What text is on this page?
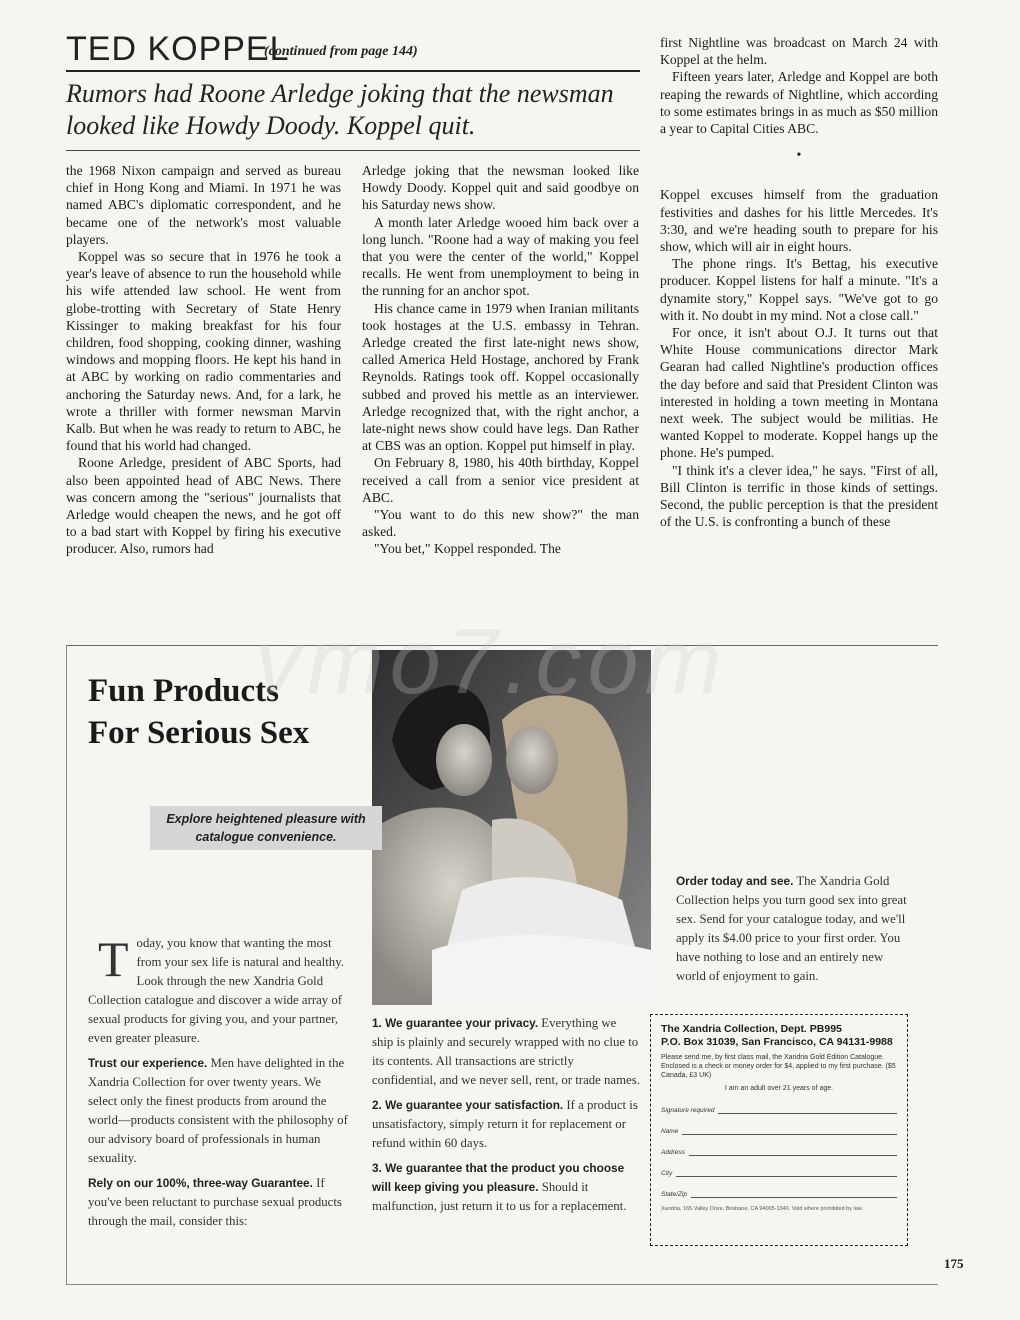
TED KOPPEL
(continued from page 144)
Rumors had Roone Arledge joking that the newsman looked like Howdy Doody. Koppel quit.

the 1968 Nixon campaign and served as bureau chief in Hong Kong and Miami. In 1971 he was named ABC's diplomatic correspondent, and he became one of the network's most valuable players.

Koppel was so secure that in 1976 he took a year's leave of absence to run the household while his wife attended law school. He went from globe-trotting with Secretary of State Henry Kissinger to making breakfast for his four children, food shopping, cooking dinner, washing windows and mopping floors. He kept his hand in at ABC by working on radio commentaries and anchoring the Saturday news. And, for a lark, he wrote a thriller with former newsman Marvin Kalb. But when he was ready to return to ABC, he found that his world had changed.

Roone Arledge, president of ABC Sports, had also been appointed head of ABC News. There was concern among the "serious" journalists that Arledge would cheapen the news, and he got off to a bad start with Koppel by firing his executive producer. Also, rumors had

Arledge joking that the newsman looked like Howdy Doody. Koppel quit and said goodbye on his Saturday news show.

A month later Arledge wooed him back over a long lunch. "Roone had a way of making you feel that you were the center of the world," Koppel recalls. He went from unemployment to being in the running for an anchor spot.

His chance came in 1979 when Iranian militants took hostages at the U.S. embassy in Tehran. Arledge created the first late-night news show, called America Held Hostage, anchored by Frank Reynolds. Ratings took off. Koppel occasionally subbed and proved his mettle as an interviewer. Arledge recognized that, with the right anchor, a late-night news show could have legs. Dan Rather at CBS was an option. Koppel put himself in play.

On February 8, 1980, his 40th birthday, Koppel received a call from a senior vice president at ABC.

"You want to do this new show?" the man asked.

"You bet," Koppel responded. The

first Nightline was broadcast on March 24 with Koppel at the helm.

Fifteen years later, Arledge and Koppel are both reaping the rewards of Nightline, which according to some estimates brings in as much as $50 million a year to Capital Cities ABC.

•

Koppel excuses himself from the graduation festivities and dashes for his little Mercedes. It's 3:30, and we're heading south to prepare for his show, which will air in eight hours.

The phone rings. It's Bettag, his executive producer. Koppel listens for half a minute. "It's a dynamite story," Koppel says. "We've got to go with it. No doubt in my mind. Not a close call."

For once, it isn't about O.J. It turns out that White House communications director Mark Gearan had called Nightline's production offices the day before and said that President Clinton was interested in holding a town meeting in Montana next week. The subject would be militias. He wanted Koppel to moderate. Koppel hangs up the phone. He's pumped.

"I think it's a clever idea," he says. "First of all, Bill Clinton is terrific in those kinds of settings. Second, the public perception is that the president of the U.S. is confronting a bunch of these

Fun Products
For Serious Sex
Explore heightened pleasure with catalogue convenience.

Today, you know that wanting the most from your sex life is natural and healthy. Look through the new Xandria Gold Collection catalogue and discover a wide array of sexual products for giving you, and your partner, even greater pleasure.

Trust our experience. Men have delighted in the Xandria Collection for over twenty years. We select only the finest products from around the world—products consistent with the philosophy of our advisory board of professionals in human sexuality.

Rely on our 100%, three-way Guarantee. If you've been reluctant to purchase sexual products through the mail, consider this:

1. We guarantee your privacy. Everything we ship is plainly and securely wrapped with no clue to its contents. All transactions are strictly confidential, and we never sell, rent, or trade names.

2. We guarantee your satisfaction. If a product is unsatisfactory, simply return it for replacement or refund within 60 days.

3. We guarantee that the product you choose will keep giving you pleasure. Should it malfunction, just return it to us for a replacement.

Order today and see. The Xandria Gold Collection helps you turn good sex into great sex. Send for your catalogue today, and we'll apply its $4.00 price to your first order. You have nothing to lose and an entirely new world of enjoyment to gain.

The Xandria Collection, Dept. PB995
P.O. Box 31039, San Francisco, CA 94131-9988
Please send me, by first class mail, the Xandria Gold Edition Catalogue. Enclosed is a check or money order for $4, applied to my first purchase. ($5 Canada, £3 UK)
I am an adult over 21 years of age.
Signature required
Name
Address
City
State/Zip
Xandria, 165 Valley Drive, Brisbane, CA 94005-1340. Void where prohibited by law.
vmo7.com
175
